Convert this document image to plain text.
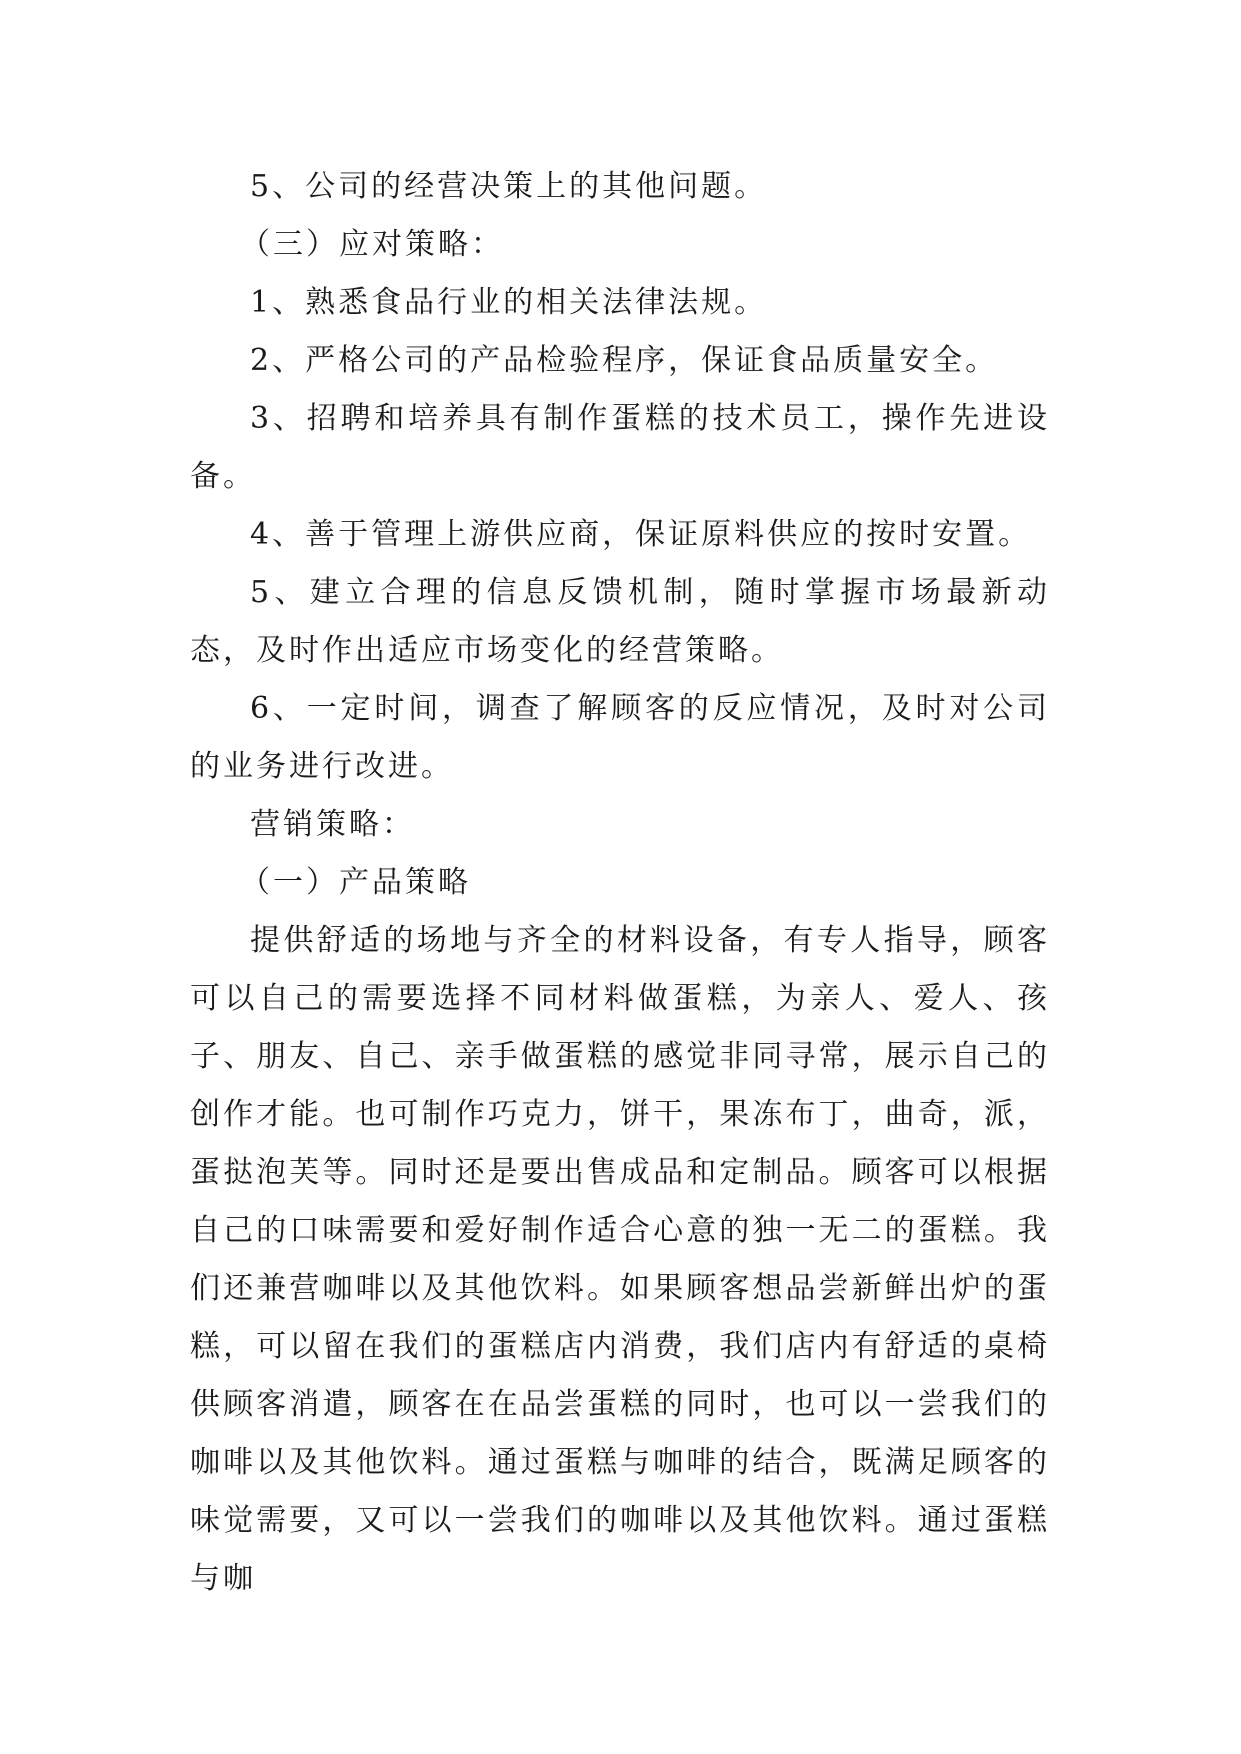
5、公司的经营决策上的其他问题。

（三）应对策略：

1、熟悉食品行业的相关法律法规。

2、严格公司的产品检验程序，保证食品质量安全。

3、招聘和培养具有制作蛋糕的技术员工，操作先进设备。

4、善于管理上游供应商，保证原料供应的按时安置。

5、建立合理的信息反馈机制，随时掌握市场最新动态，及时作出适应市场变化的经营策略。

6、一定时间，调查了解顾客的反应情况，及时对公司的业务进行改进。

营销策略：

（一）产品策略

提供舒适的场地与齐全的材料设备，有专人指导，顾客可以自己的需要选择不同材料做蛋糕，为亲人、爱人、孩子、朋友、自己、亲手做蛋糕的感觉非同寻常，展示自己的创作才能。也可制作巧克力，饼干，果冻布丁，曲奇，派，蛋挞泡芙等。同时还是要出售成品和定制品。顾客可以根据自己的口味需要和爱好制作适合心意的独一无二的蛋糕。我们还兼营咖啡以及其他饮料。如果顾客想品尝新鲜出炉的蛋糕，可以留在我们的蛋糕店内消费，我们店内有舒适的桌椅供顾客消遣，顾客在在品尝蛋糕的同时，也可以一尝我们的咖啡以及其他饮料。通过蛋糕与咖啡的结合，既满足顾客的味觉需要，又可以一尝我们的咖啡以及其他饮料。通过蛋糕与咖
